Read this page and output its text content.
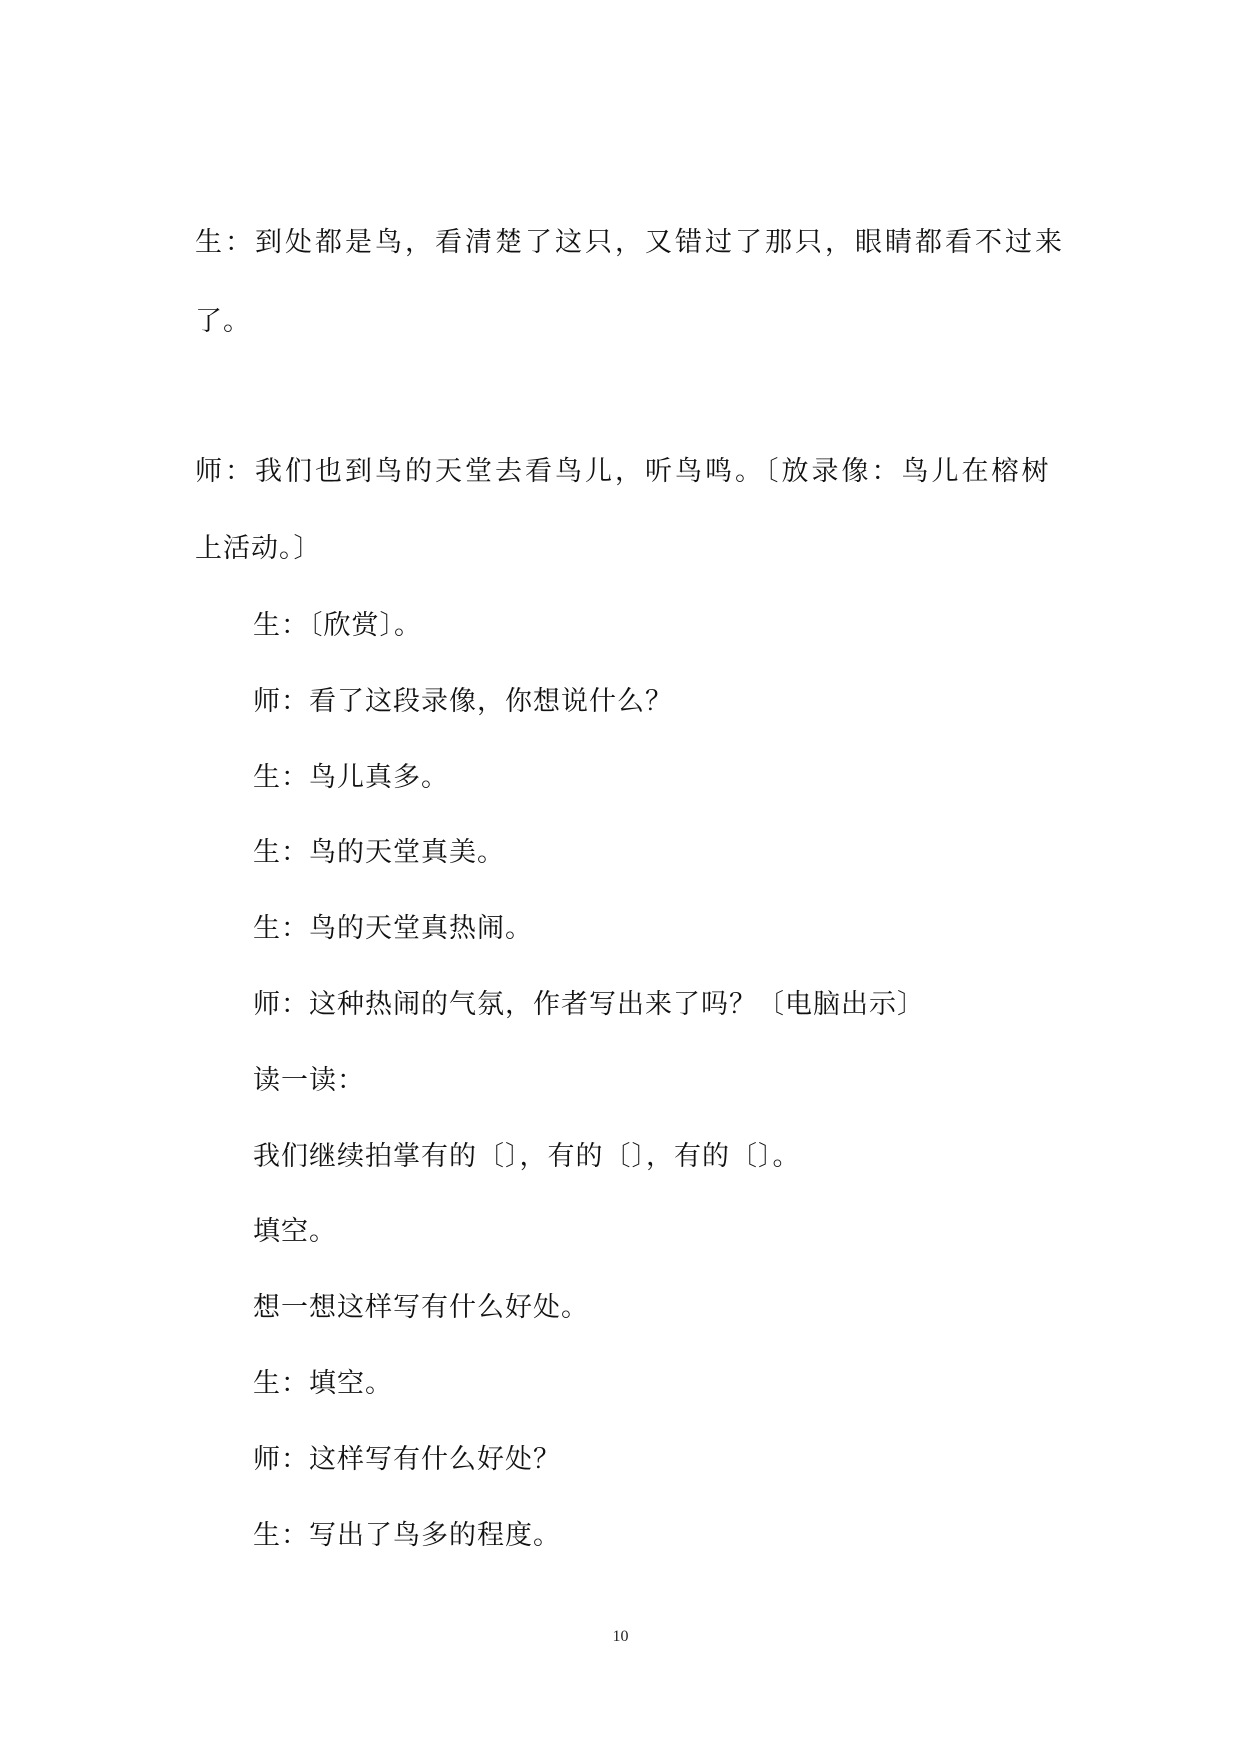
生：到处都是鸟，看清楚了这只，又错过了那只，眼睛都看不过来
了。
师：我们也到鸟的天堂去看鸟儿，听鸟鸣。〔放录像：鸟儿在榕树
上活动。〕
生：〔欣赏〕。
师：看了这段录像，你想说什么？
生：鸟儿真多。
生：鸟的天堂真美。
生：鸟的天堂真热闹。
师：这种热闹的气氛，作者写出来了吗？〔电脑出示〕
读一读：
我们继续拍掌有的〔〕，有的〔〕，有的〔〕。
填空。
想一想这样写有什么好处。
生：填空。
师：这样写有什么好处？
生：写出了鸟多的程度。
10
